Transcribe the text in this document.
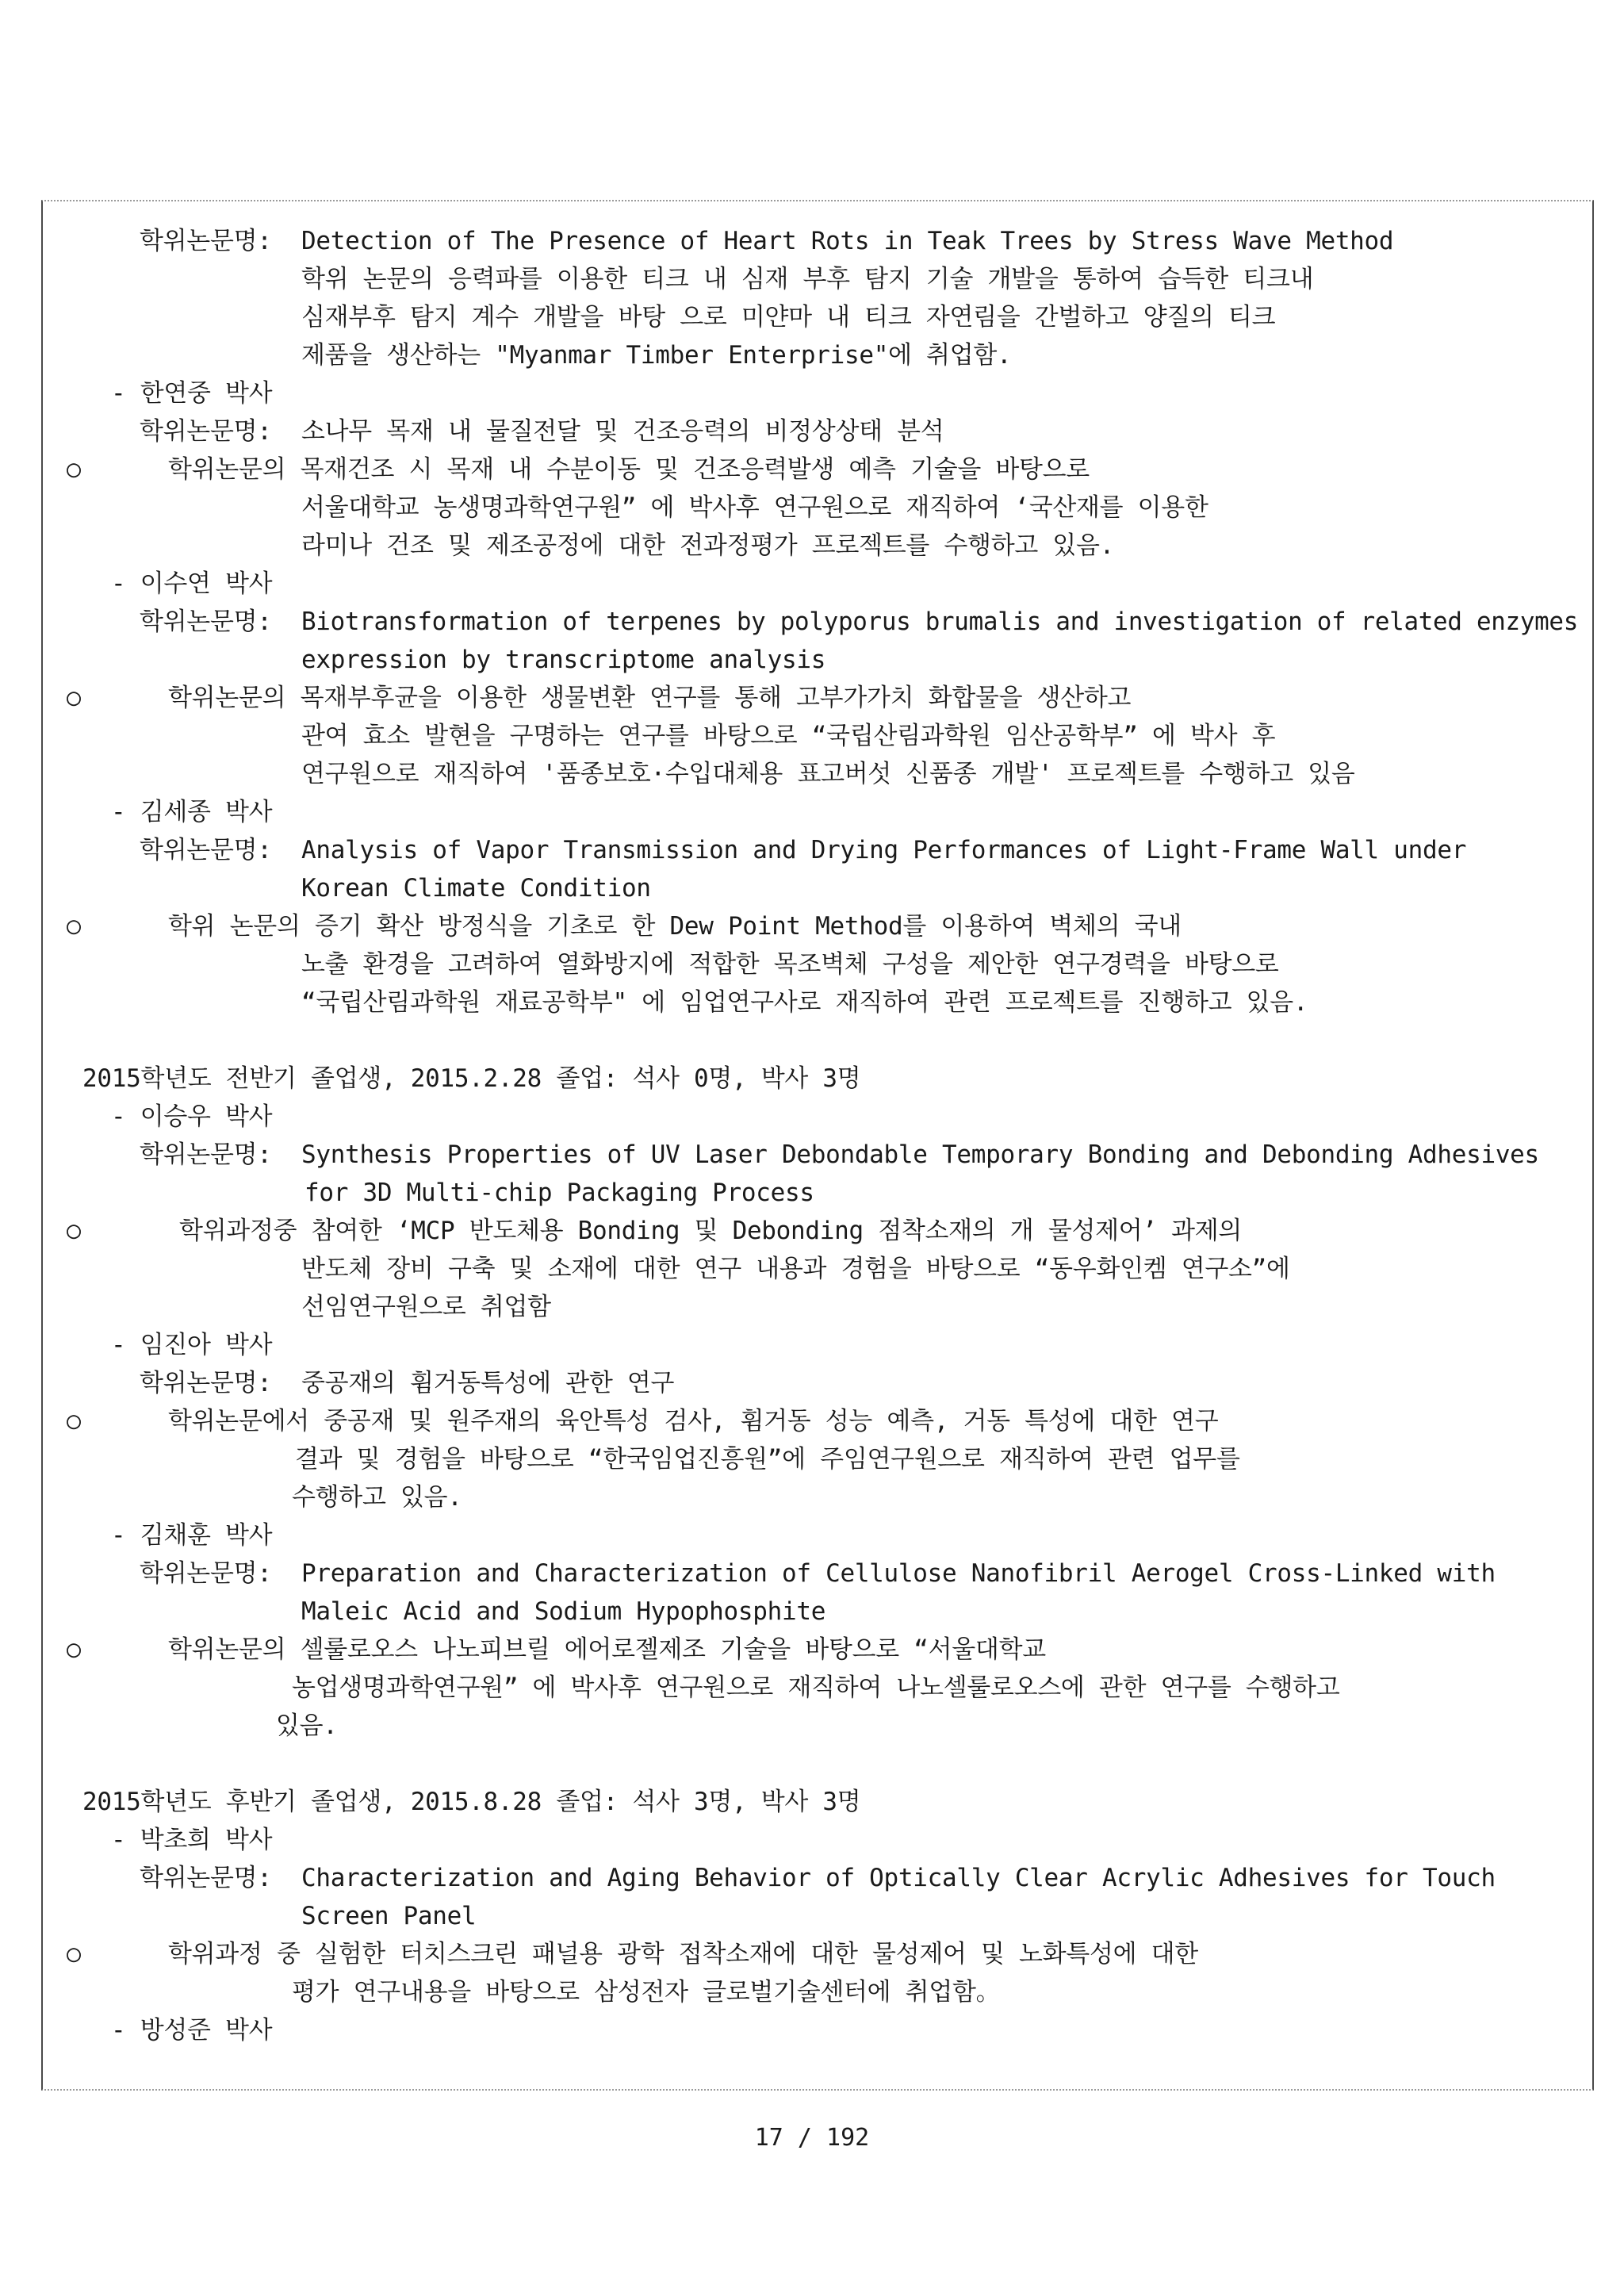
학위논문명: Detection of The Presence of Heart Rots in Teak Trees by Stress Wave Method
학위 논문의 응력파를 이용한 티크 내 심재 부후 탐지 기술 개발을 통하여 습득한 티크내
심재부후 탐지 계수 개발을 바탕 으로 미얀마 내 티크 자연림을 간벌하고 양질의 티크
제품을 생산하는 "Myanmar Timber Enterprise"에 취업함.
- 한연중 박사
학위논문명: 소나무 목재 내 물질전달 및 건조응력의 비정상상태 분석
○	학위논문의 목재건조 시 목재 내 수분이동 및 건조응력발생 예측 기술을 바탕으로
서울대학교 농생명과학연구원” 에 박사후 연구원으로 재직하여 ‘국산재를 이용한
라미나 건조 및 제조공정에 대한 전과정평가 프로젝트를 수행하고 있음.
- 이수연 박사
학위논문명: Biotransformation of terpenes by polyporus brumalis and investigation of related enzymes
expression by transcriptome analysis
○	학위논문의 목재부후균을 이용한 생물변환 연구를 통해 고부가가치 화합물을 생산하고
관여 효소 발현을 구명하는 연구를 바탕으로 “국립산림과학원 임산공학부” 에 박사 후
연구원으로 재직하여 '품종보호·수입대체용 표고버섯 신품종 개발' 프로젝트를 수행하고 있음
- 김세종 박사
학위논문명: Analysis of Vapor Transmission and Drying Performances of Light-Frame Wall under
Korean Climate Condition
○	학위 논문의 증기 확산 방정식을 기초로 한 Dew Point Method를 이용하여 벽체의 국내
노출 환경을 고려하여 열화방지에 적합한 목조벽체 구성을 제안한 연구경력을 바탕으로
“국립산림과학원 재료공학부" 에 임업연구사로 재직하여 관련 프로젝트를 진행하고 있음.
2015학년도 전반기 졸업생, 2015.2.28 졸업: 석사 0명, 박사 3명
- 이승우 박사
학위논문명: Synthesis Properties of UV Laser Debondable Temporary Bonding and Debonding Adhesives
for 3D Multi-chip Packaging Process
○	학위과정중 참여한 ‘MCP 반도체용 Bonding 및 Debonding 점착소재의 개 물성제어’ 과제의
반도체 장비 구축 및 소재에 대한 연구 내용과 경험을 바탕으로 “동우화인켐 연구소”에
선임연구원으로 취업함
- 임진아 박사
학위논문명: 중공재의 휨거동특성에 관한 연구
○	학위논문에서 중공재 및 원주재의 육안특성 검사, 휨거동 성능 예측, 거동 특성에 대한 연구
결과 및 경험을 바탕으로 “한국임업진흥원”에 주임연구원으로 재직하여 관련 업무를
수행하고 있음.
- 김채훈 박사
학위논문명: Preparation and Characterization of Cellulose Nanofibril Aerogel Cross-Linked with
Maleic Acid and Sodium Hypophosphite
○	학위논문의 셀룰로오스 나노피브릴 에어로젤제조 기술을 바탕으로 “서울대학교
농업생명과학연구원” 에 박사후 연구원으로 재직하여 나노셀룰로오스에 관한 연구를 수행하고
있음.
2015학년도 후반기 졸업생, 2015.8.28 졸업: 석사 3명, 박사 3명
- 박초희 박사
학위논문명: Characterization and Aging Behavior of Optically Clear Acrylic Adhesives for Touch
Screen Panel
○	학위과정 중 실험한 터치스크린 패널용 광학 접착소재에 대한 물성제어 및 노화특성에 대한
평가 연구내용을 바탕으로 삼성전자 글로벌기술센터에 취업함。
- 방성준 박사
17 / 192
